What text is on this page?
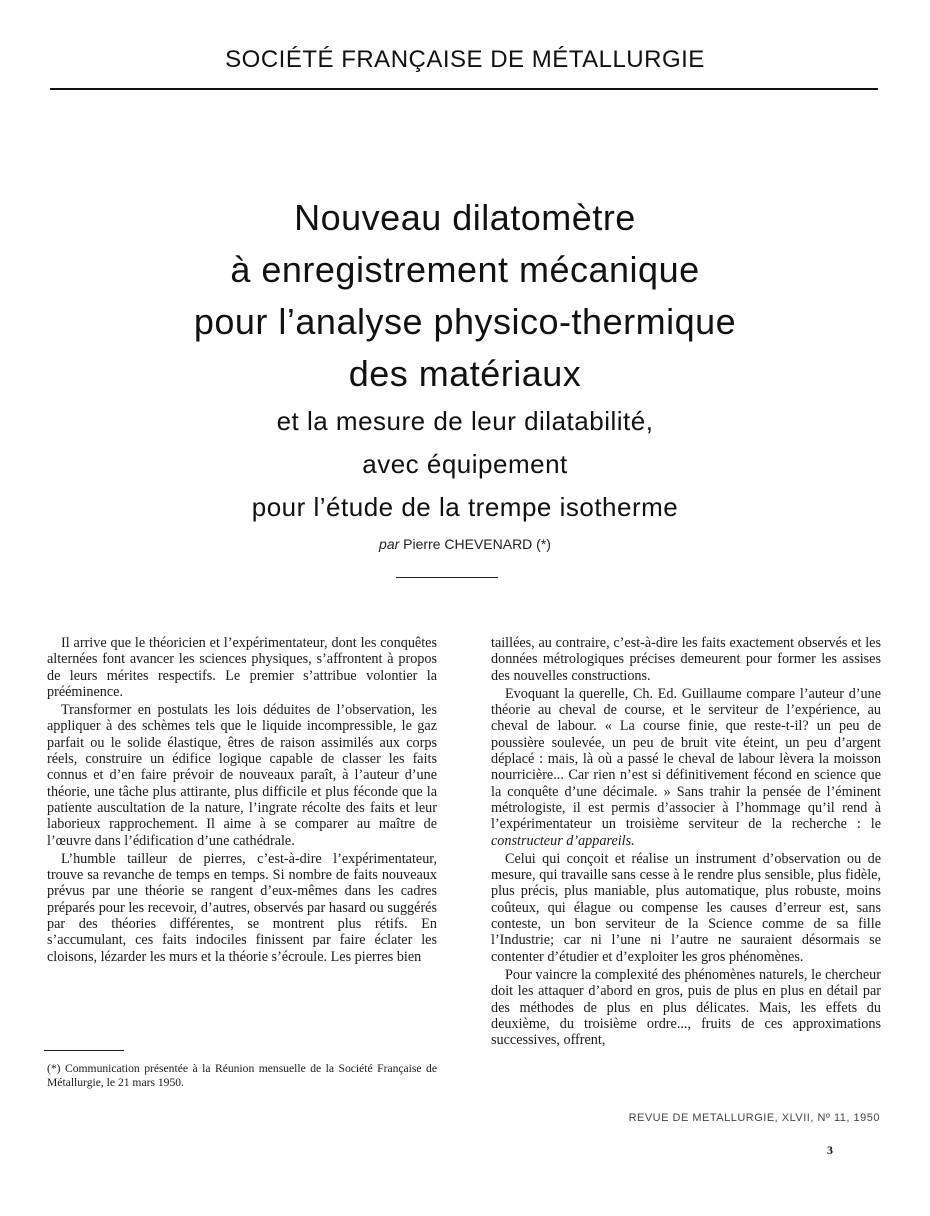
SOCIÉTÉ FRANÇAISE DE MÉTALLURGIE
Nouveau dilatomètre
à enregistrement mécanique
pour l’analyse physico-thermique
des matériaux
et la mesure de leur dilatabilité,
avec équipement
pour l’étude de la trempe isotherme
par Pierre CHEVENARD (*)

Il arrive que le théoricien et l’expérimentateur, dont les conquêtes alternées font avancer les sciences physiques, s’affrontent à propos de leurs mérites respectifs. Le premier s’attribue volontier la prééminence.

Transformer en postulats les lois déduites de l’observation, les appliquer à des schèmes tels que le liquide incompressible, le gaz parfait ou le solide élastique, êtres de raison assimilés aux corps réels, construire un édifice logique capable de classer les faits connus et d’en faire prévoir de nouveaux paraît, à l’auteur d’une théorie, une tâche plus attirante, plus difficile et plus féconde que la patiente auscultation de la nature, l’ingrate récolte des faits et leur laborieux rapprochement. Il aime à se comparer au maître de l’œuvre dans l’édification d’une cathédrale.

L’humble tailleur de pierres, c’est-à-dire l’expérimentateur, trouve sa revanche de temps en temps. Si nombre de faits nouveaux prévus par une théorie se rangent d’eux-mêmes dans les cadres préparés pour les recevoir, d’autres, observés par hasard ou suggérés par des théories différentes, se montrent plus rétifs. En s’accumulant, ces faits indociles finissent par faire éclater les cloisons, lézarder les murs et la théorie s’écroule. Les pierres bien

taillées, au contraire, c’est-à-dire les faits exactement observés et les données métrologiques précises demeurent pour former les assises des nouvelles constructions.

Evoquant la querelle, Ch. Ed. Guillaume compare l’auteur d’une théorie au cheval de course, et le serviteur de l’expérience, au cheval de labour. « La course finie, que reste-t-il? un peu de poussière soulevée, un peu de bruit vite éteint, un peu d’argent déplacé : mais, là où a passé le cheval de labour lèvera la moisson nourricière... Car rien n’est si définitivement fécond en science que la conquête d’une décimale. » Sans trahir la pensée de l’éminent métrologiste, il est permis d’associer à l’hommage qu’il rend à l’expérimentateur un troisième serviteur de la recherche : le constructeur d’appareils.

Celui qui conçoit et réalise un instrument d’observation ou de mesure, qui travaille sans cesse à le rendre plus sensible, plus fidèle, plus précis, plus maniable, plus automatique, plus robuste, moins coûteux, qui élague ou compense les causes d’erreur est, sans conteste, un bon serviteur de la Science comme de sa fille l’Industrie; car ni l’une ni l’autre ne sauraient désormais se contenter d’étudier et d’exploiter les gros phénomènes.

Pour vaincre la complexité des phénomènes naturels, le chercheur doit les attaquer d’abord en gros, puis de plus en plus en détail par des méthodes de plus en plus délicates. Mais, les effets du deuxième, du troisième ordre..., fruits de ces approximations successives, offrent,

(*) Communication présentée à la Réunion mensuelle de la Société Française de Métallurgie, le 21 mars 1950.
REVUE DE METALLURGIE, XLVII, Nº 11, 1950
3
